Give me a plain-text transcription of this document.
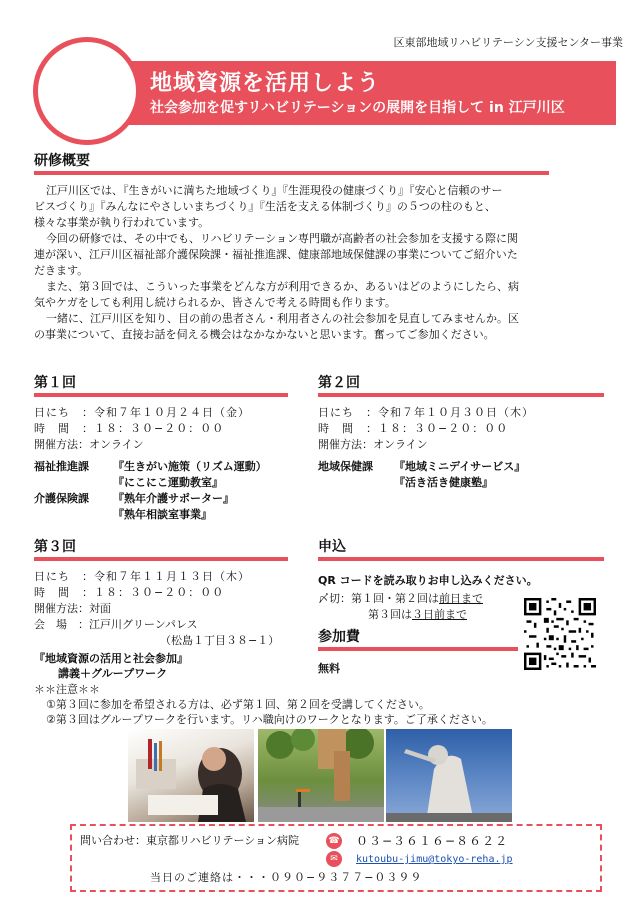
区東部地域リハビリテーシン支援センター事業
地域資源を活用しよう
社会参加を促すリハビリテーションの展開を目指して in 江戸川区
研修概要
江戸川区では、『生きがいに満ちた地域づくり』『生涯現役の健康づくり』『安心と信頼のサー
ビスづくり』『みんなにやさしいまちづくり』『生活を支える体制づくり』の５つの柱のもと、
様々な事業が執り行われています。
今回の研修では、その中でも、リハビリテーション専門職が高齢者の社会参加を支援する際に関
連が深い、江戸川区福祉部介護保険課・福祉推進課、健康部地域保健課の事業についてご紹介いた
だきます。
また、第３回では、こういった事業をどんな方が利用できるか、あるいはどのようにしたら、病
気やケガをしても利用し続けられるか、皆さんで考える時間も作ります。
一緒に、江戸川区を知り、目の前の患者さん・利用者さんの社会参加を見直してみませんか。区
の事業について、直接お話を伺える機会はなかなかないと思います。奮ってご参加ください。
第１回
日にち　：令和７年１０月２４日（金）
時　間　：１８：３０−２０：００
開催方法：オンライン
福祉推進課 『生きがい施策（リズム運動）
『にこにこ運動教室』
介護保険課 『熟年介護サポーター』
『熟年相談室事業』
第２回
日にち　：令和７年１０月３０日（木）
時　間　：１８：３０−２０：００
開催方法：オンライン
地域保健課 『地域ミニデイサービス』
『活き活き健康塾』
第３回
日にち　：令和７年１１月１３日（木）
時　間　：１８：３０−２０：００
開催方法：対面
会　場　：江戸川グリーンパレス
（松島１丁目３８−１）
『地域資源の活用と社会参加』
講義＋グループワーク
申込
QR コードを読み取りお申し込みください。
〆切：第１回・第２回は前日まで
第３回は３日前まで
参加費
無料
＊＊注意＊＊
①第３回に参加を希望される方は、必ず第１回、第２回を受講してください。
②第３回はグループワークを行います。リハ職向けのワークとなります。ご了承ください。
問い合わせ：東京都リハビリテーション病院	☎ ０３−３６１６−８６２２
✉	kutoubu-jimu@tokyo-reha.jp
当日のご連絡は・・・０９０−９３７７−０３９９
